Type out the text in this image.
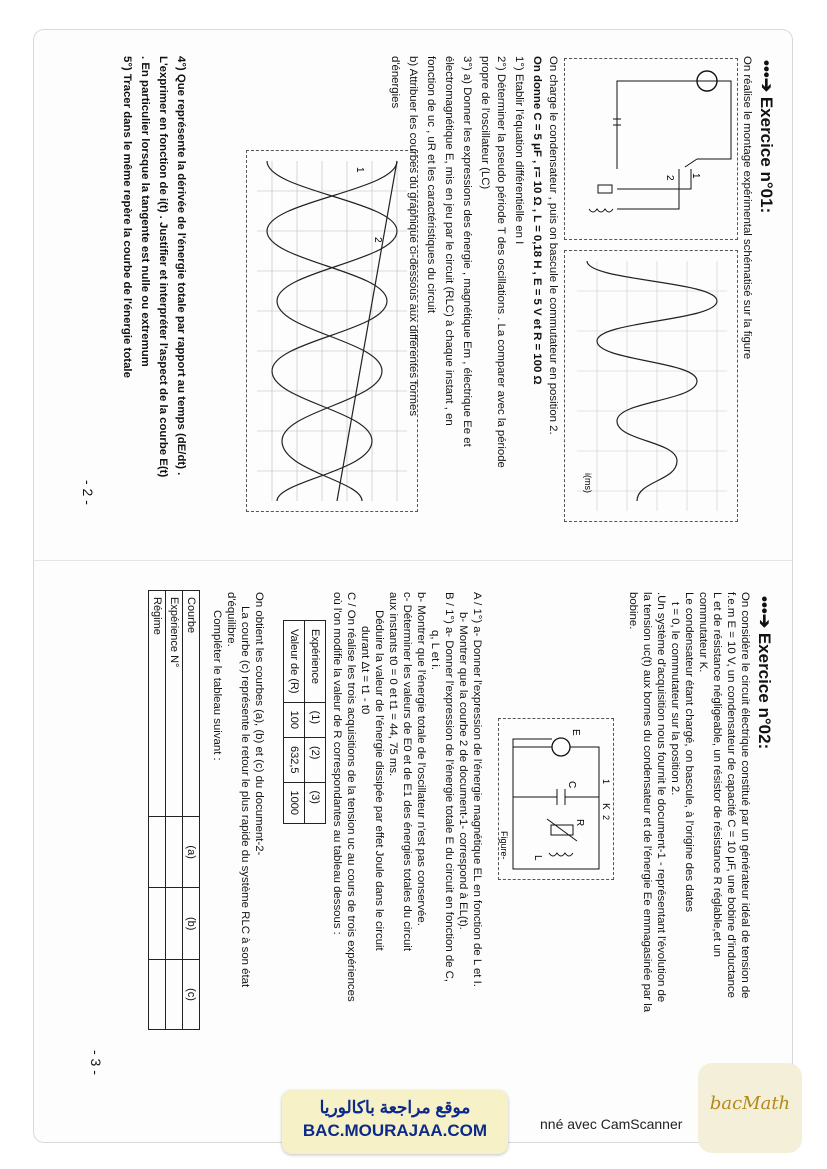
•••➔ Exercice n°01:
On réalise le montage expérimental schématisé sur la figure
1
2
i(ms)
On charge le condensateur , puis on bascule le commutateur en position 2.
On donne C = 5 μF , r= 10 Ω , L = 0,18 H , E = 5 V et R = 100 Ω
1°) Etablir l'équation différentielle en I
2°) Déterminer la pseudo période T des oscillations . La comparer avec la période
propre de l'oscillateur (LC)
3°) a) Donner les expressions des énergie , magnétique Em , électrique Ee et
électromagnétique E, mis en jeu par le circuit (RLC) à chaque instant , en
fonction de uc , uR et les caractéristiques du circuit
b) Attribuer les courbes du graphique ci-dessous aux différentes formes
d'énergies
1
2
4°) Que représente la dérivée de l'énergie totale par rapport au temps (dE/dt) .
L'exprimer en fonction de i(t) . Justifier et interpréter l'aspect de la courbe E(t)
. En particulier lorsque la tangente est nulle ou extremum
5°) Tracer dans le même repère la courbe de l'énergie totale
- 2 -
•••➔ Exercice n°02:
On considère le circuit électrique constitué par un générateur idéal de tension de
f.e.m E = 10 V, un condensateur de capacité C = 10 μF, une bobine d'inductance
L et de résistance négligeable, un résistor de résistance R réglable,et un
commutateur K.
Le condensateur étant chargé, on bascule, à l'origine des dates
t = 0, le commutateur sur la position 2.
.Un système d'acquisition nous fournit le document-1 - représentant l'évolution de
la tension uc(t) aux bornes du condensateur et de l'énergie Ee emmagasinée par la
bobine.
E
C
K
R
L
2
1
Figure-
A / 1°) a- Donner l'expression de l'énergie magnétique EL en fonction de L et I.
b- Montrer que la courbe 2 de document-1- correspond à EL(t).
B / 1°) a- Donner l'expression de l'énergie totale E du circuit en fonction de C,
q, L et i.
b- Montrer que l'énergie totale de l'oscillateur n'est pas conservée.
c- Déterminer les valeurs de E0 et de E1 des énergies totales du circuit
aux instants t0 = 0 et t1 = 44, 75 ms.
Déduire la valeur de l'énergie dissipée par effet Joule dans le circuit
durant Δt = t1 - t0
C / On réalise les trois acquisitions de la tension uc au cours de trois expériences
où l'on modifie la valeur de R correspondantes au tableau dessous :
Expérience	(1)	(2)	(3)
Valeur de (R)	100	632,5	1000
On obtient les courbes (a), (b) et (c) du document-2-
La courbe (c) représente le retour le plus rapide du système RLC à son état
d'équilibre.
Compléter le tableau suivant :
Courbe	(a)	(b)	(c)
Expérience N°			
Régime			
- 3 -
موقع مراجعة باكالوريا
BAC.MOURAJAA.COM	nné avec CamScanner
bacMath
